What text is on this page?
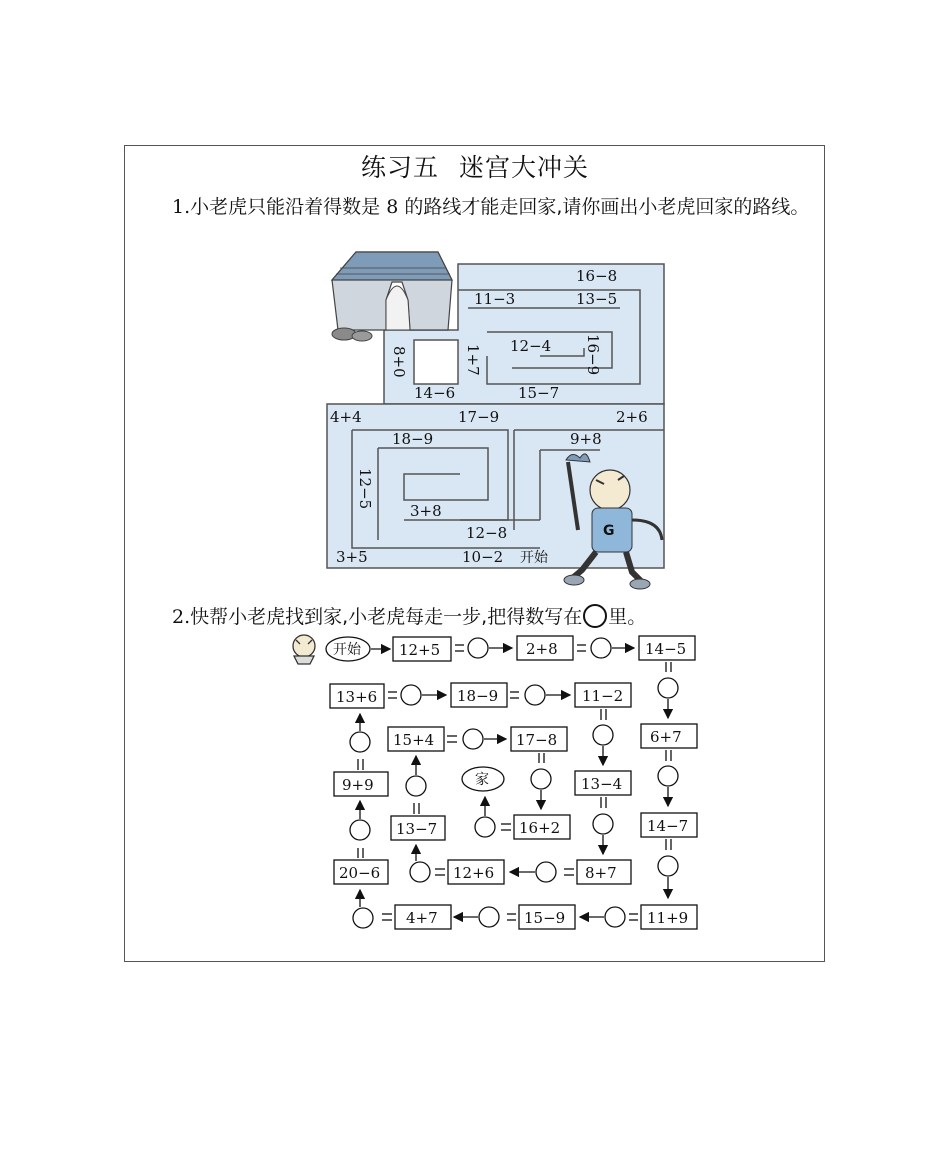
练习五 迷宫大冲关
1.小老虎只能沿着得数是 8 的路线才能走回家,请你画出小老虎回家的路线。
2.快帮小老虎找到家,小老虎每走一步,把得数写在 里。
G
16−8
11−3	13−5
12−4 16−9
1+7
8+0
14−6	15−7
4+4	17−9	2+6
18−9	9+8
12−5
3+8
12−8
3+5	10−2 开始
开始	12+5	2+8	14−5
13+6	18−9	11−2
15+4	17−8	6+7
9+9	13−4
13−7
家
16+2	14−7
20−6	12+6	8+7
4+7	15−9	11+9
